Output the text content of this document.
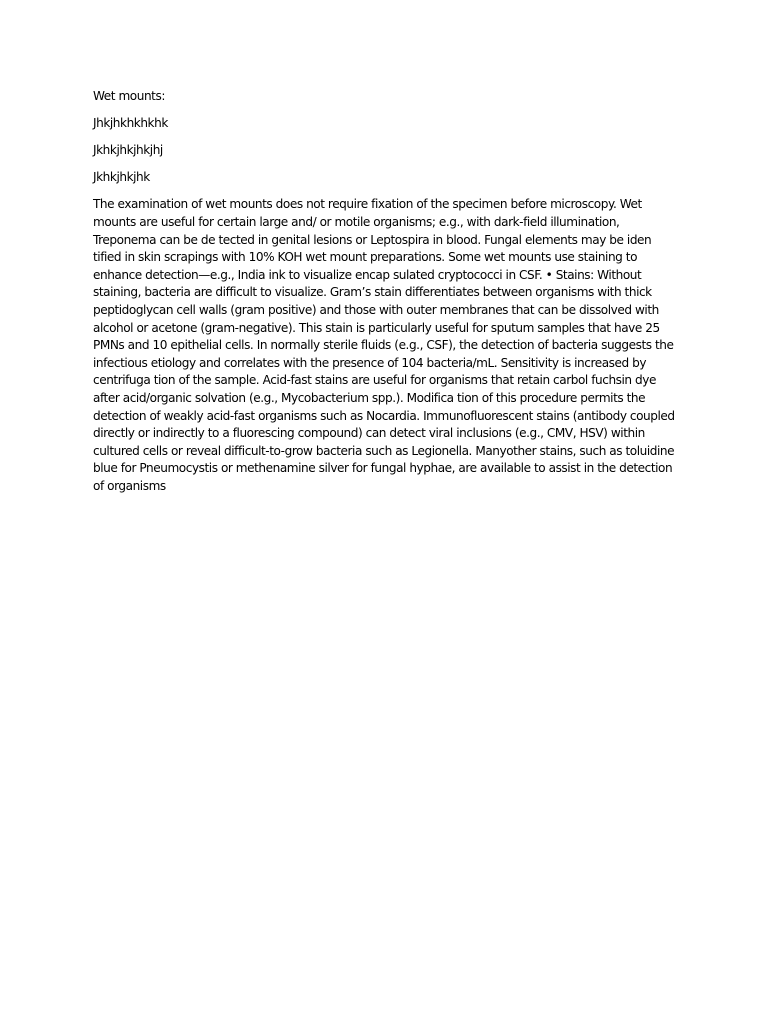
Wet mounts:

Jhkjhkhkhkhk

Jkhkjhkjhkjhj

Jkhkjhkjhk

The examination of wet mounts does not require fixation of the specimen before microscopy. Wet mounts are useful for certain large and/ or motile organisms; e.g., with dark-field illumination, Treponema can be de tected in genital lesions or Leptospira in blood. Fungal elements may be iden tified in skin scrapings with 10% KOH wet mount preparations. Some wet mounts use staining to enhance detection—e.g., India ink to visualize encap sulated cryptococci in CSF. • Stains: Without staining, bacteria are difficult to visualize. Gram’s stain differentiates between organisms with thick peptidoglycan cell walls (gram positive) and those with outer membranes that can be dissolved with alcohol or acetone (gram-negative). This stain is particularly useful for sputum samples that have 25 PMNs and 10 epithelial cells. In normally sterile fluids (e.g., CSF), the detection of bacteria suggests the infectious etiology and correlates with the presence of 104 bacteria/mL. Sensitivity is increased by centrifuga tion of the sample. Acid-fast stains are useful for organisms that retain carbol fuchsin dye after acid/organic solvation (e.g., Mycobacterium spp.). Modifica tion of this procedure permits the detection of weakly acid-fast organisms such as Nocardia. Immunofluorescent stains (antibody coupled directly or indirectly to a fluorescing compound) can detect viral inclusions (e.g., CMV, HSV) within cultured cells or reveal difficult-to-grow bacteria such as Legionella. Manyother stains, such as toluidine blue for Pneumocystis or methenamine silver for fungal hyphae, are available to assist in the detection of organisms
